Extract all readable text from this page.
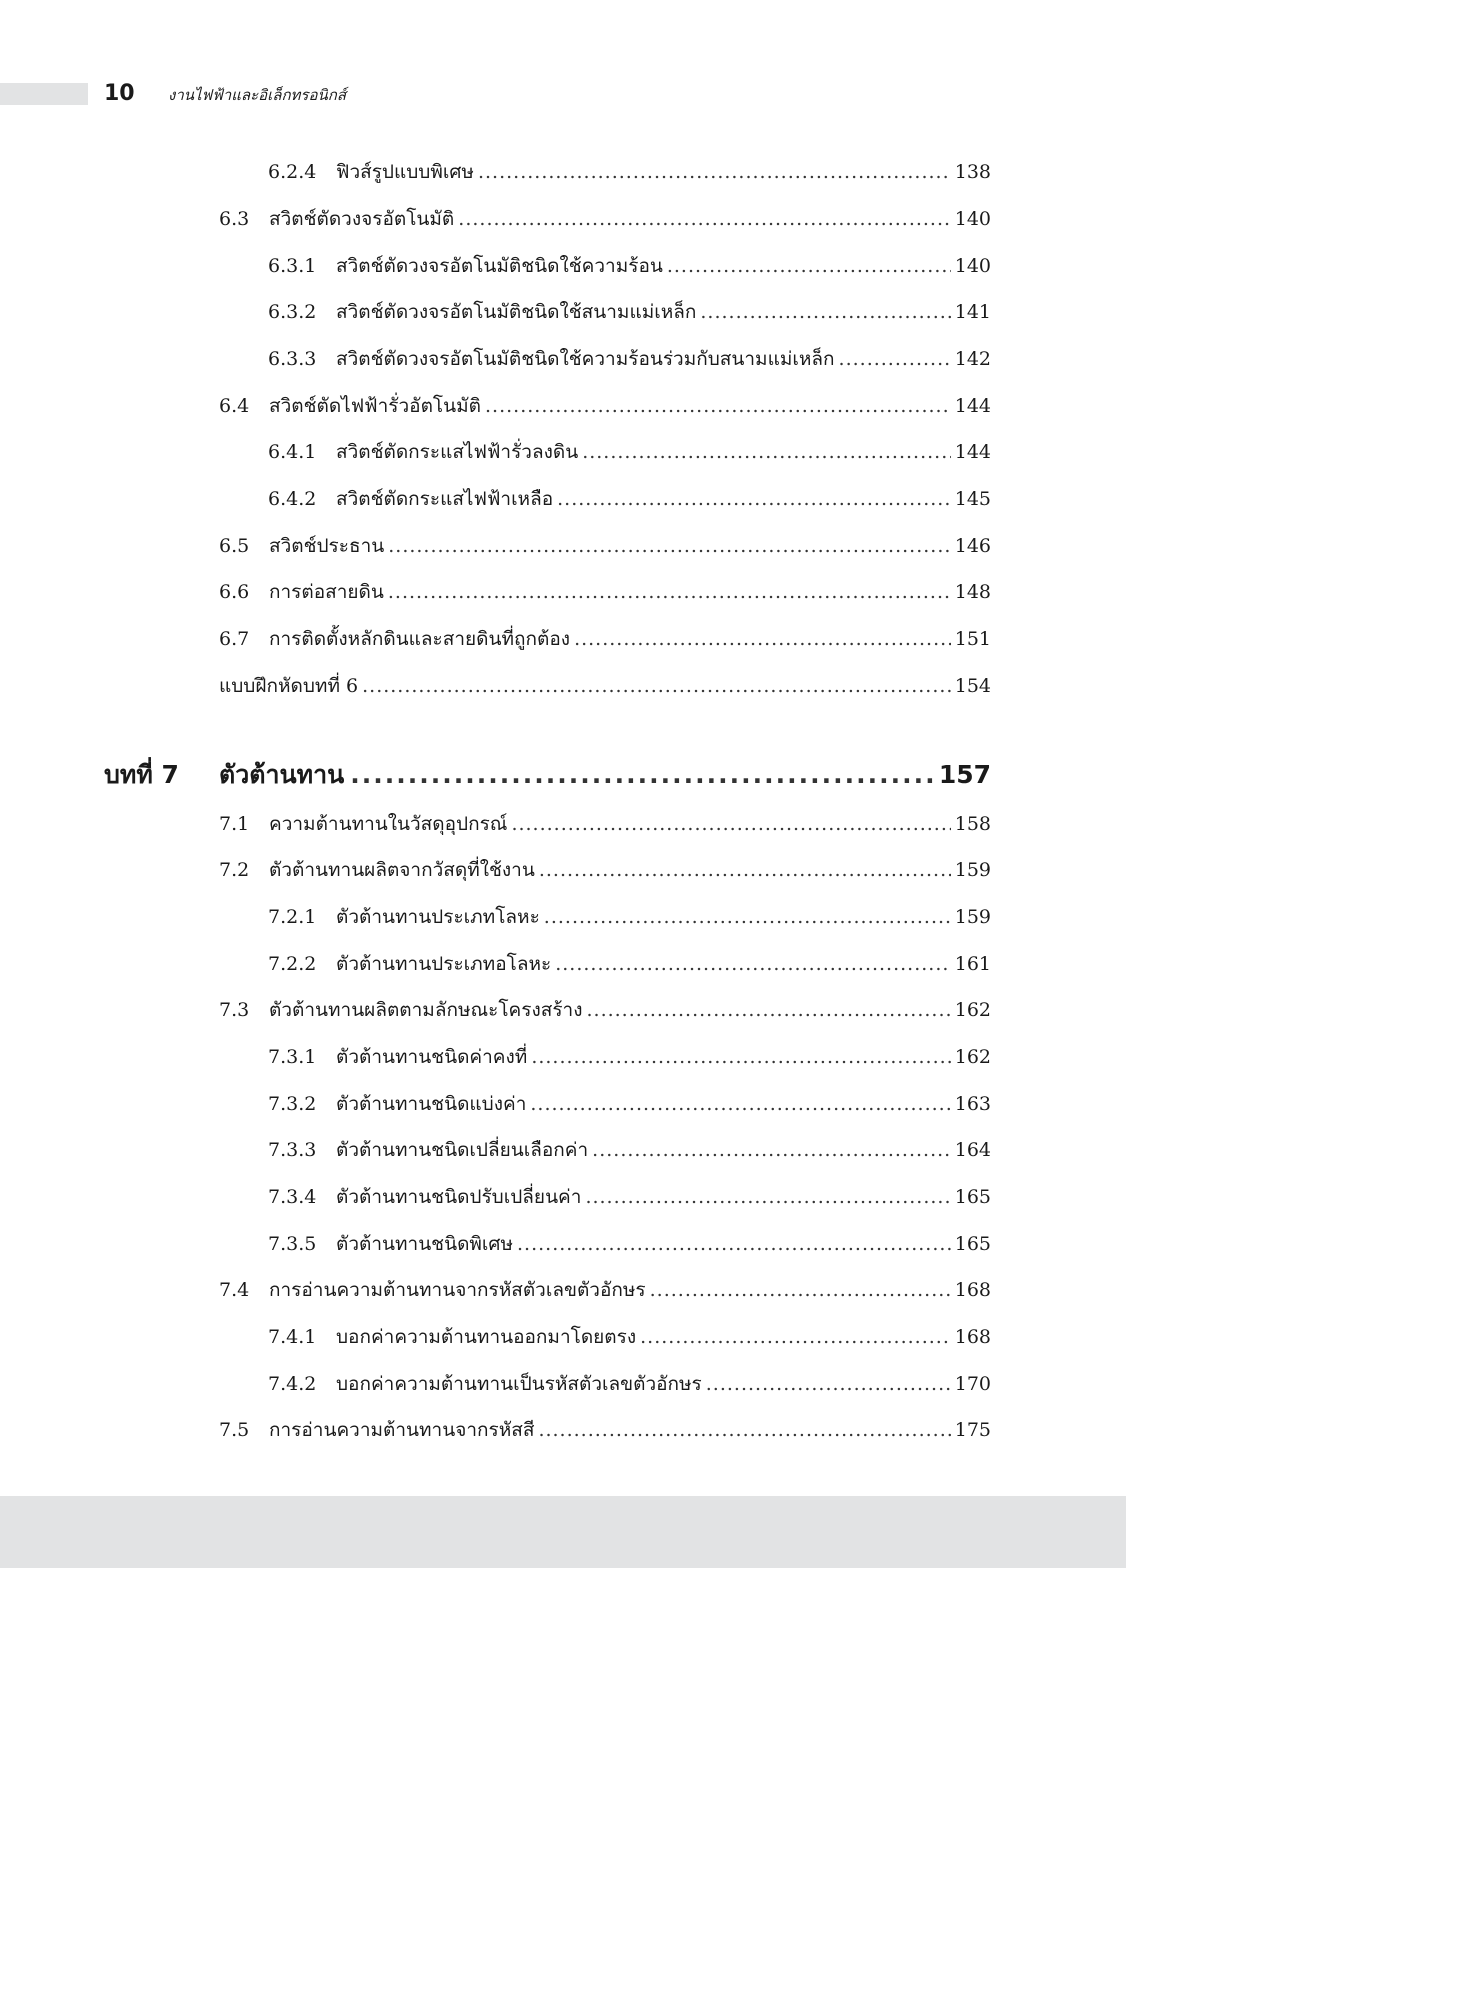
10 งานไฟฟ้าและอิเล็กทรอนิกส์
6.2.4	ฟิวส์รูปแบบพิเศษ .....	138
6.3	สวิตช์ตัดวงจรอัตโนมัติ .....	140
6.3.1	สวิตช์ตัดวงจรอัตโนมัติชนิดใช้ความร้อน .....	140
6.3.2	สวิตช์ตัดวงจรอัตโนมัติชนิดใช้สนามแม่เหล็ก .....	141
6.3.3	สวิตช์ตัดวงจรอัตโนมัติชนิดใช้ความร้อนร่วมกับสนามแม่เหล็ก .....	142
6.4	สวิตช์ตัดไฟฟ้ารั่วอัตโนมัติ .....	144
6.4.1	สวิตช์ตัดกระแสไฟฟ้ารั่วลงดิน .....	144
6.4.2	สวิตช์ตัดกระแสไฟฟ้าเหลือ .....	145
6.5	สวิตช์ประธาน .....	146
6.6	การต่อสายดิน .....	148
6.7	การติดตั้งหลักดินและสายดินที่ถูกต้อง .....	151
แบบฝึกหัดบทที่ 6 .....	154
บทที่ 7	ตัวต้านทาน .....	157
7.1	ความต้านทานในวัสดุอุปกรณ์ .....	158
7.2	ตัวต้านทานผลิตจากวัสดุที่ใช้งาน .....	159
7.2.1	ตัวต้านทานประเภทโลหะ .....	159
7.2.2	ตัวต้านทานประเภทอโลหะ .....	161
7.3	ตัวต้านทานผลิตตามลักษณะโครงสร้าง .....	162
7.3.1	ตัวต้านทานชนิดค่าคงที่ .....	162
7.3.2	ตัวต้านทานชนิดแบ่งค่า .....	163
7.3.3	ตัวต้านทานชนิดเปลี่ยนเลือกค่า .....	164
7.3.4	ตัวต้านทานชนิดปรับเปลี่ยนค่า .....	165
7.3.5	ตัวต้านทานชนิดพิเศษ .....	165
7.4	การอ่านความต้านทานจากรหัสตัวเลขตัวอักษร .....	168
7.4.1	บอกค่าความต้านทานออกมาโดยตรง .....	168
7.4.2	บอกค่าความต้านทานเป็นรหัสตัวเลขตัวอักษร .....	170
7.5	การอ่านความต้านทานจากรหัสสี .....	175
